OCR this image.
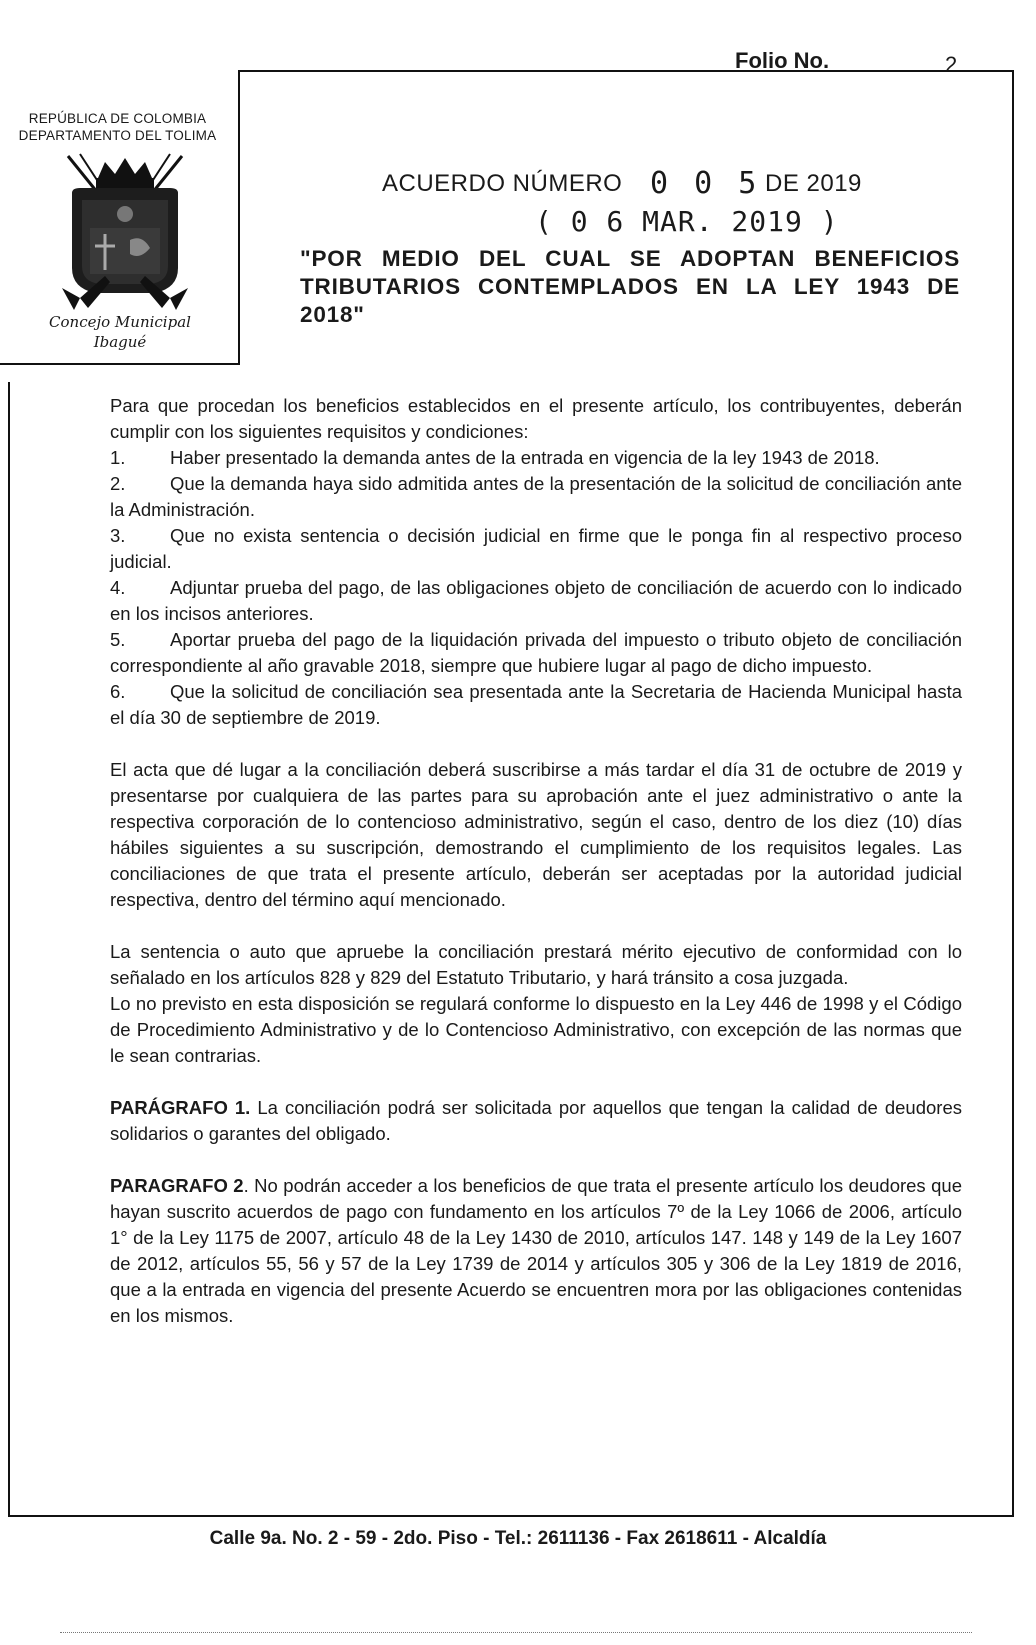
Folio No.	2
REPÚBLICA DE COLOMBIA
DEPARTAMENTO DEL TOLIMA
Concejo Municipal
Ibagué
ACUERDO NÚMERO 0 0 5 DE 2019
( 0 6 MAR. 2019 )
"POR MEDIO DEL CUAL SE ADOPTAN BENEFICIOS TRIBUTARIOS CONTEMPLADOS EN LA LEY 1943 DE 2018"

Para que procedan los beneficios establecidos en el presente artículo, los contribuyentes, deberán cumplir con los siguientes requisitos y condiciones:

1. Haber presentado la demanda antes de la entrada en vigencia de la ley 1943 de 2018.
2. Que la demanda haya sido admitida antes de la presentación de la solicitud de conciliación ante la Administración.
3. Que no exista sentencia o decisión judicial en firme que le ponga fin al respectivo proceso judicial.
4. Adjuntar prueba del pago, de las obligaciones objeto de conciliación de acuerdo con lo indicado en los incisos anteriores.
5. Aportar prueba del pago de la liquidación privada del impuesto o tributo objeto de conciliación correspondiente al año gravable 2018, siempre que hubiere lugar al pago de dicho impuesto.
6. Que la solicitud de conciliación sea presentada ante la Secretaria de Hacienda Municipal hasta el día 30 de septiembre de 2019.

El acta que dé lugar a la conciliación deberá suscribirse a más tardar el día 31 de octubre de 2019 y presentarse por cualquiera de las partes para su aprobación ante el juez administrativo o ante la respectiva corporación de lo contencioso administrativo, según el caso, dentro de los diez (10) días hábiles siguientes a su suscripción, demostrando el cumplimiento de los requisitos legales. Las conciliaciones de que trata el presente artículo, deberán ser aceptadas por la autoridad judicial respectiva, dentro del término aquí mencionado.

La sentencia o auto que apruebe la conciliación prestará mérito ejecutivo de conformidad con lo señalado en los artículos 828 y 829 del Estatuto Tributario, y hará tránsito a cosa juzgada.

Lo no previsto en esta disposición se regulará conforme lo dispuesto en la Ley 446 de 1998 y el Código de Procedimiento Administrativo y de lo Contencioso Administrativo, con excepción de las normas que le sean contrarias.

PARÁGRAFO 1. La conciliación podrá ser solicitada por aquellos que tengan la calidad de deudores solidarios o garantes del obligado.

PARAGRAFO 2. No podrán acceder a los beneficios de que trata el presente artículo los deudores que hayan suscrito acuerdos de pago con fundamento en los artículos 7º de la Ley 1066 de 2006, artículo 1° de la Ley 1175 de 2007, artículo 48 de la Ley 1430 de 2010, artículos 147. 148 y 149 de la Ley 1607 de 2012, artículos 55, 56 y 57 de la Ley 1739 de 2014 y artículos 305 y 306 de la Ley 1819 de 2016, que a la entrada en vigencia del presente Acuerdo se encuentren mora por las obligaciones contenidas en los mismos.

Calle 9a. No. 2 - 59 - 2do. Piso - Tel.: 2611136 - Fax 2618611 - Alcaldía
